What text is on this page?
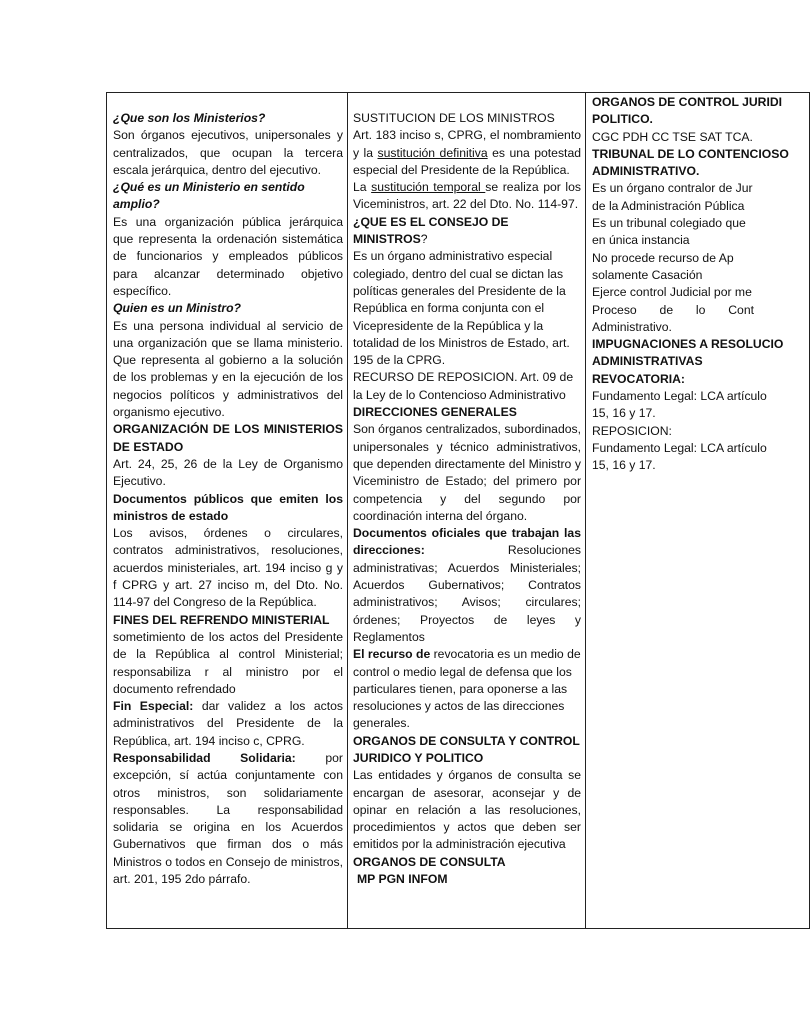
¿Que son los Ministerios?
Son órganos ejecutivos, unipersonales y centralizados, que ocupan la tercera escala jerárquica, dentro del ejecutivo.
¿Qué es un Ministerio en sentido amplio?
Es una organización pública jerárquica que representa la ordenación sistemática de funcionarios y empleados públicos para alcanzar determinado objetivo específico.
Quien es un Ministro?
Es una persona individual al servicio de una organización que se llama ministerio. Que representa al gobierno a la solución de los problemas y en la ejecución de los negocios políticos y administrativos del organismo ejecutivo.
ORGANIZACIÓN DE LOS MINISTERIOS DE ESTADO
Art. 24, 25, 26 de la Ley de Organismo Ejecutivo.
Documentos públicos que emiten los ministros de estado
Los avisos, órdenes o circulares, contratos administrativos, resoluciones, acuerdos ministeriales, art. 194 inciso g y f CPRG y art. 27 inciso m, del Dto. No. 114-97 del Congreso de la República.
FINES DEL REFRENDO MINISTERIAL
sometimiento de los actos del Presidente de la República al control Ministerial; responsabiliza r al ministro por el documento refrendado
Fin Especial: dar validez a los actos administrativos del Presidente de la República, art. 194 inciso c, CPRG.
Responsabilidad Solidaria: por excepción, sí actúa conjuntamente con otros ministros, son solidariamente responsables. La responsabilidad solidaria se origina en los Acuerdos Gubernativos que firman dos o más Ministros o todos en Consejo de ministros, art. 201, 195 2do párrafo.

SUSTITUCION DE LOS MINISTROS
Art. 183 inciso s, CPRG, el nombramiento y la sustitución definitiva es una potestad especial del Presidente de la República.
La sustitución temporal se realiza por los Viceministros, art. 22 del Dto. No. 114-97.
¿QUE ES EL CONSEJO DE MINISTROS?
Es un órgano administrativo especial colegiado, dentro del cual se dictan las políticas generales del Presidente de la República en forma conjunta con el Vicepresidente de la República y la totalidad de los Ministros de Estado, art. 195 de la CPRG.
RECURSO DE REPOSICION. Art. 09 de la Ley de lo Contencioso Administrativo
DIRECCIONES GENERALES
Son órganos centralizados, subordinados, unipersonales y técnico administrativos, que dependen directamente del Ministro y Viceministro de Estado; del primero por competencia y del segundo por coordinación interna del órgano.
Documentos oficiales que trabajan las direcciones: Resoluciones administrativas; Acuerdos Ministeriales; Acuerdos Gubernativos; Contratos administrativos; Avisos; circulares; órdenes; Proyectos de leyes y Reglamentos
El recurso de revocatoria es un medio de control o medio legal de defensa que los particulares tienen, para oponerse a las resoluciones y actos de las direcciones generales.
ORGANOS DE CONSULTA Y CONTROL JURIDICO Y POLITICO
Las entidades y órganos de consulta se encargan de asesorar, aconsejar y de opinar en relación a las resoluciones, procedimientos y actos que deben ser emitidos por la administración ejecutiva
ORGANOS DE CONSULTA
MP PGN INFOM

ORGANOS DE CONTROL JURIDI
POLITICO.
CGC PDH CC TSE SAT TCA.
TRIBUNAL DE LO CONTENCIOSO
ADMINISTRATIVO.
Es un órgano contralor de Jur
de la Administración Pública
Es un tribunal colegiado que
en única instancia
No procede recurso de Ap
solamente Casación
Ejerce control Judicial por me
Proceso de lo Cont
Administrativo.
IMPUGNACIONES A RESOLUCIO
ADMINISTRATIVAS
REVOCATORIA:
Fundamento Legal: LCA artículo
15, 16 y 17.
REPOSICION:
Fundamento Legal: LCA artículo
15, 16 y 17.
